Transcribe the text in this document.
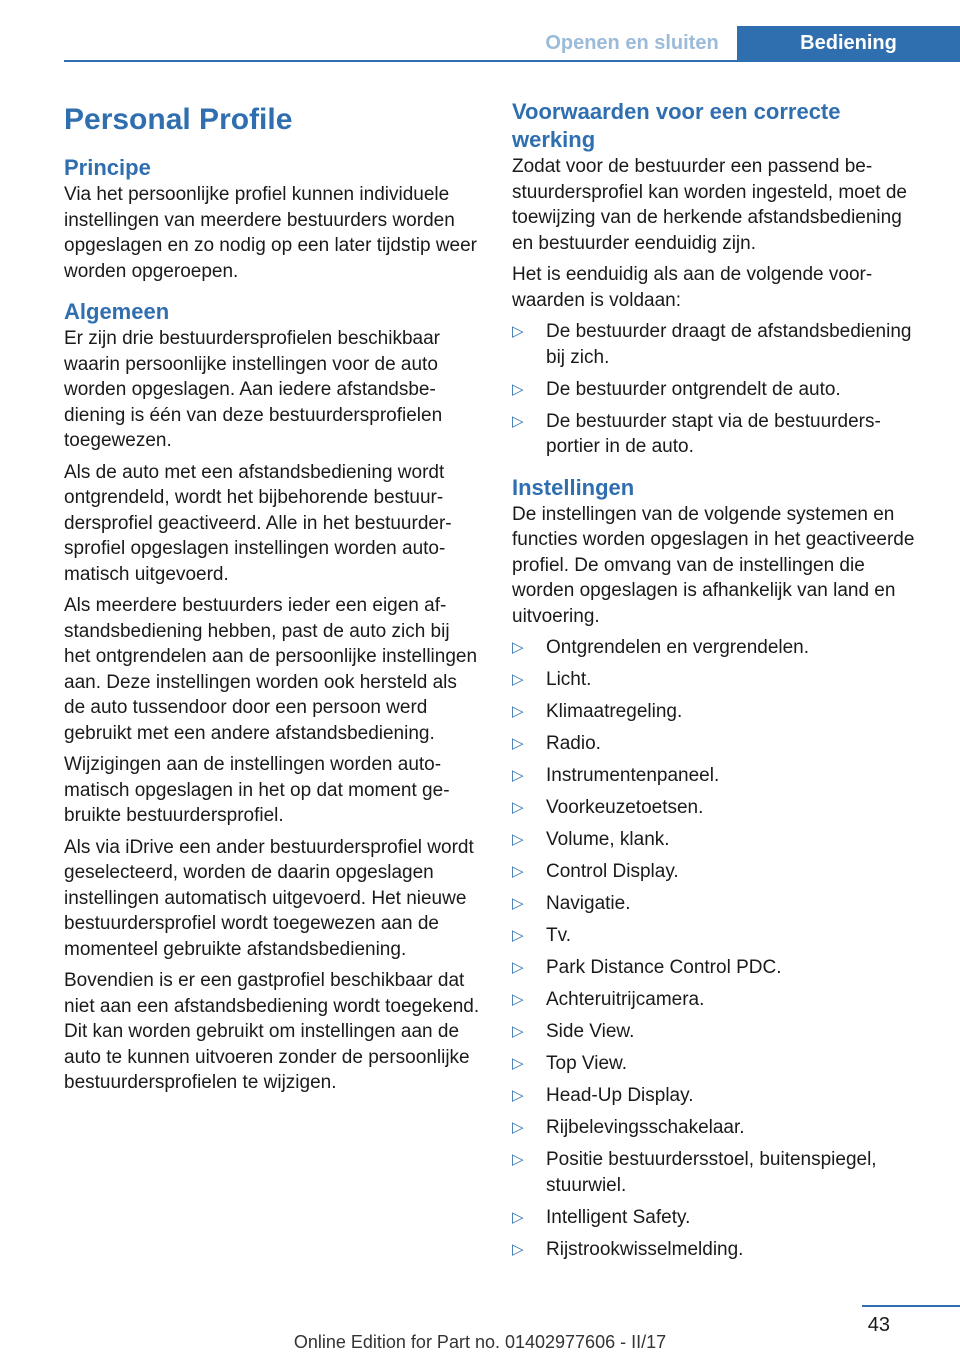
Openen en sluiten	Bediening
Personal Profile
Principe

Via het persoonlijke profiel kunnen individuele instellingen van meerdere bestuurders worden opgeslagen en zo nodig op een later tijdstip weer worden opgeroepen.

Algemeen

Er zijn drie bestuurdersprofielen beschikbaar waarin persoonlijke instellingen voor de auto worden opgeslagen. Aan iedere afstandsbediening is één van deze bestuurdersprofielen toegewezen.

Als de auto met een afstandsbediening wordt ontgrendeld, wordt het bijbehorende bestuurdersprofiel geactiveerd. Alle in het bestuurdersprofiel opgeslagen instellingen worden automatisch uitgevoerd.

Als meerdere bestuurders ieder een eigen afstandsbediening hebben, past de auto zich bij het ontgrendelen aan de persoonlijke instellingen aan. Deze instellingen worden ook hersteld als de auto tussendoor door een persoon werd gebruikt met een andere afstandsbediening.

Wijzigingen aan de instellingen worden automatisch opgeslagen in het op dat moment gebruikte bestuurdersprofiel.

Als via iDrive een ander bestuurdersprofiel wordt geselecteerd, worden de daarin opgeslagen instellingen automatisch uitgevoerd. Het nieuwe bestuurdersprofiel wordt toegewezen aan de momenteel gebruikte afstandsbediening.

Bovendien is er een gastprofiel beschikbaar dat niet aan een afstandsbediening wordt toegekend. Dit kan worden gebruikt om instellingen aan de auto te kunnen uitvoeren zonder de persoonlijke bestuurdersprofielen te wijzigen.

Voorwaarden voor een correcte werking

Zodat voor de bestuurder een passend bestuurdersprofiel kan worden ingesteld, moet de toewijzing van de herkende afstandsbediening en bestuurder eenduidig zijn.

Het is eenduidig als aan de volgende voorwaarden is voldaan:

▷ De bestuurder draagt de afstandsbediening bij zich.
▷ De bestuurder ontgrendelt de auto.
▷ De bestuurder stapt via de bestuurdersportier in de auto.
Instellingen

De instellingen van de volgende systemen en functies worden opgeslagen in het geactiveerde profiel. De omvang van de instellingen die worden opgeslagen is afhankelijk van land en uitvoering.

▷ Ontgrendelen en vergrendelen.
▷ Licht.
▷ Klimaatregeling.
▷ Radio.
▷ Instrumentenpaneel.
▷ Voorkeuzetoetsen.
▷ Volume, klank.
▷ Control Display.
▷ Navigatie.
▷ Tv.
▷ Park Distance Control PDC.
▷ Achteruitrijcamera.
▷ Side View.
▷ Top View.
▷ Head-Up Display.
▷ Rijbelevingsschakelaar.
▷ Positie bestuurdersstoel, buitenspiegel, stuurwiel.
▷ Intelligent Safety.
▷ Rijstrookwisselmelding.
43
Online Edition for Part no. 01402977606 - II/17
